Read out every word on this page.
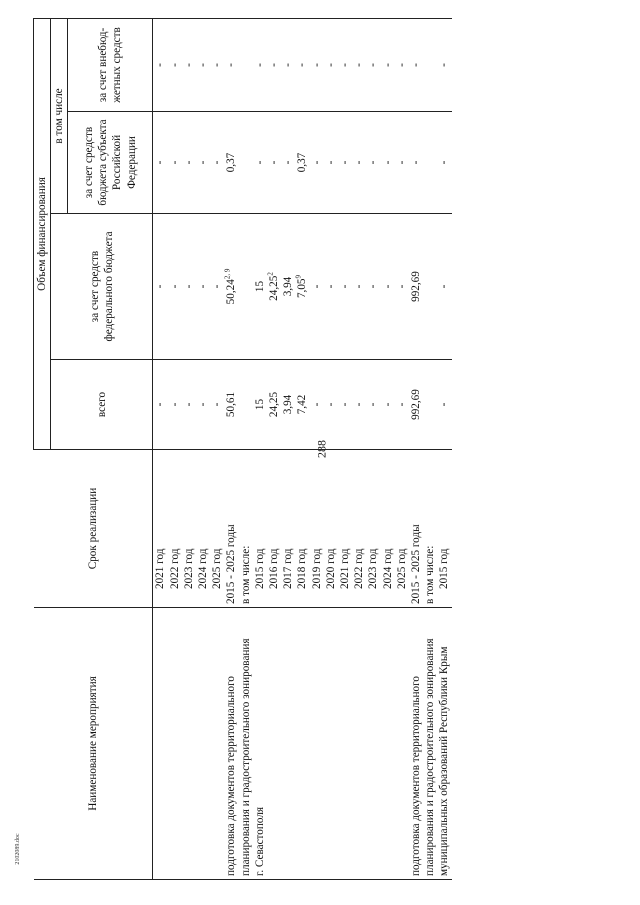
288
2102089.doc
Наименование мероприятия	Срок реализации	Объем финансирования			
		всего	за счет средств федерального бюджета	в том числе	
				за счет средств бюджета субъекта Российской Федерации	за счет внебюд-жетных средств
	2021 год	-	-	-	-
	2022 год	-	-	-	-
	2023 год	-	-	-	-
	2024 год	-	-	-	-
	2025 год	-	-	-	-
подготовка документов территориального	2015 - 2025 годы	50,61	50,24$^{2, 9}$	0,37	-
планирования и градостроительного зонирования	в том числе:				
г. Севастополя	2015 год	15	15	-	-
	2016 год	24,25	24,25$^2$	-	-
	2017 год	3,94	3,94	-	-
	2018 год	7,42	7,05$^9$	0,37	-
	2019 год	-	-	-	-
	2020 год	-	-	-	-
	2021 год	-	-	-	-
	2022 год	-	-	-	-
	2023 год	-	-	-	-
	2024 год	-	-	-	-
	2025 год	-	-	-	-
подготовка документов территориального	2015 - 2025 годы	992,69	992,69	-	-
планирования и градостроительного зонирования	в том числе:				
муниципальных образований Республики Крым	2015 год	-	-	-	-
